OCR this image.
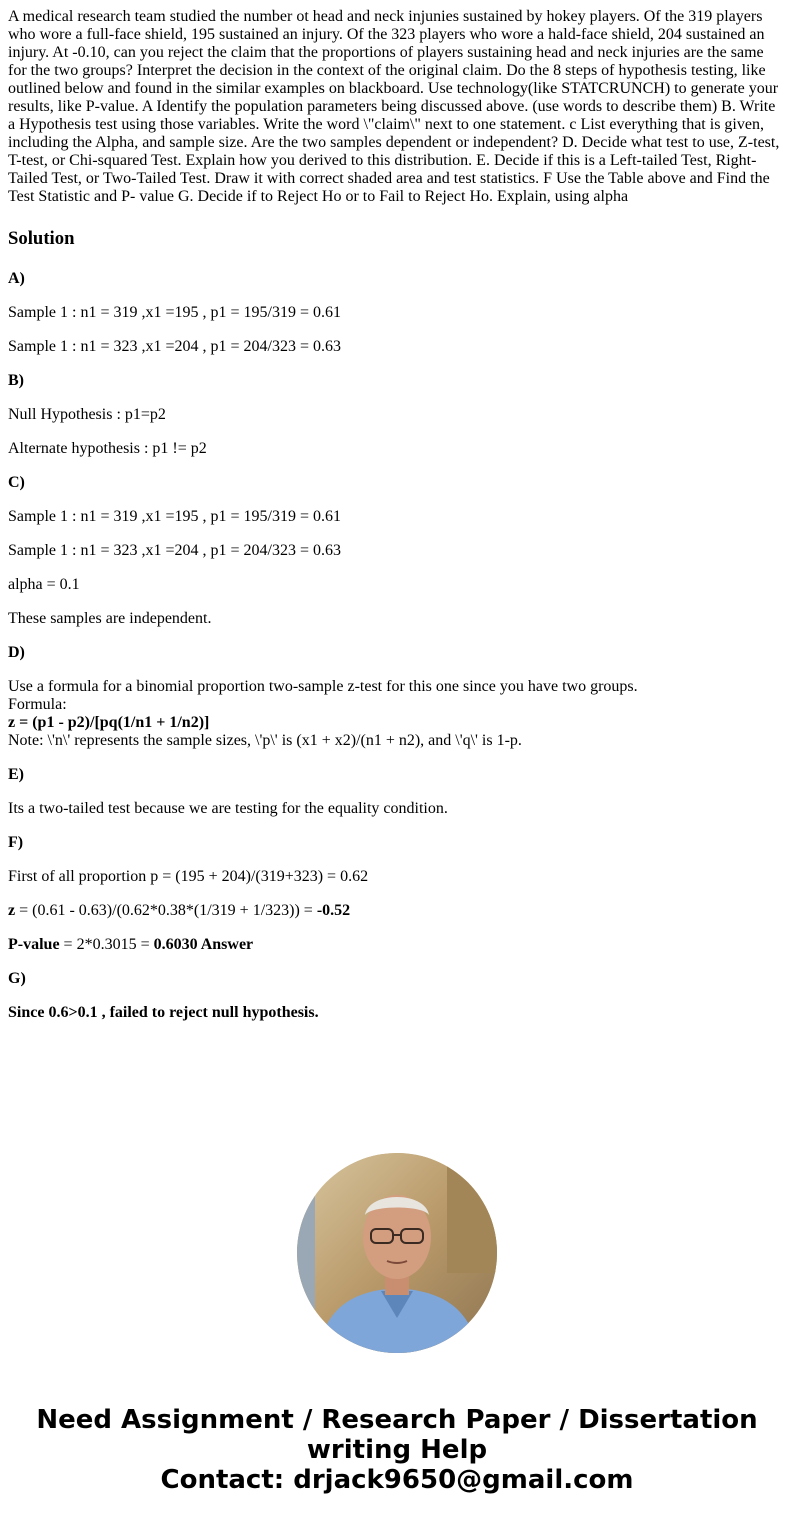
A medical research team studied the number ot head and neck injunies sustained by hokey players. Of the 319 players who wore a full-face shield, 195 sustained an injury. Of the 323 players who wore a hald-face shield, 204 sustained an injury. At -0.10, can you reject the claim that the proportions of players sustaining head and neck injuries are the same for the two groups? Interpret the decision in the context of the original claim. Do the 8 steps of hypothesis testing, like outlined below and found in the similar examples on blackboard. Use technology(like STATCRUNCH) to generate your results, like P-value. A Identify the population parameters being discussed above. (use words to describe them) B. Write a Hypothesis test using those variables. Write the word \"claim\" next to one statement. c List everything that is given, including the Alpha, and sample size. Are the two samples dependent or independent? D. Decide what test to use, Z-test, T-test, or Chi-squared Test. Explain how you derived to this distribution. E. Decide if this is a Left-tailed Test, Right-Tailed Test, or Two-Tailed Test. Draw it with correct shaded area and test statistics. F Use the Table above and Find the Test Statistic and P- value G. Decide if to Reject Ho or to Fail to Reject Ho. Explain, using alpha
Solution
A)
Sample 1 : n1 = 319 ,x1 =195 , p1 = 195/319 = 0.61
Sample 1 : n1 = 323 ,x1 =204 , p1 = 204/323 = 0.63
B)
Null Hypothesis : p1=p2
Alternate hypothesis : p1 != p2
C)
Sample 1 : n1 = 319 ,x1 =195 , p1 = 195/319 = 0.61
Sample 1 : n1 = 323 ,x1 =204 , p1 = 204/323 = 0.63
alpha = 0.1
These samples are independent.
D)
Use a formula for a binomial proportion two-sample z-test for this one since you have two groups.
Formula:
z = (p1 - p2)/[pq(1/n1 + 1/n2)]
Note: \'n\' represents the sample sizes, \'p\' is (x1 + x2)/(n1 + n2), and \'q\' is 1-p.
E)
Its a two-tailed test because we are testing for the equality condition.
F)
First of all proportion p = (195 + 204)/(319+323) = 0.62
z = (0.61 - 0.63)/(0.62*0.38*(1/319 + 1/323)) = -0.52
P-value = 2*0.3015 = 0.6030 Answer
G)
Since 0.6>0.1 , failed to reject null hypothesis.
Need Assignment / Research Paper / Dissertation
writing Help
Contact: drjack9650@gmail.com
